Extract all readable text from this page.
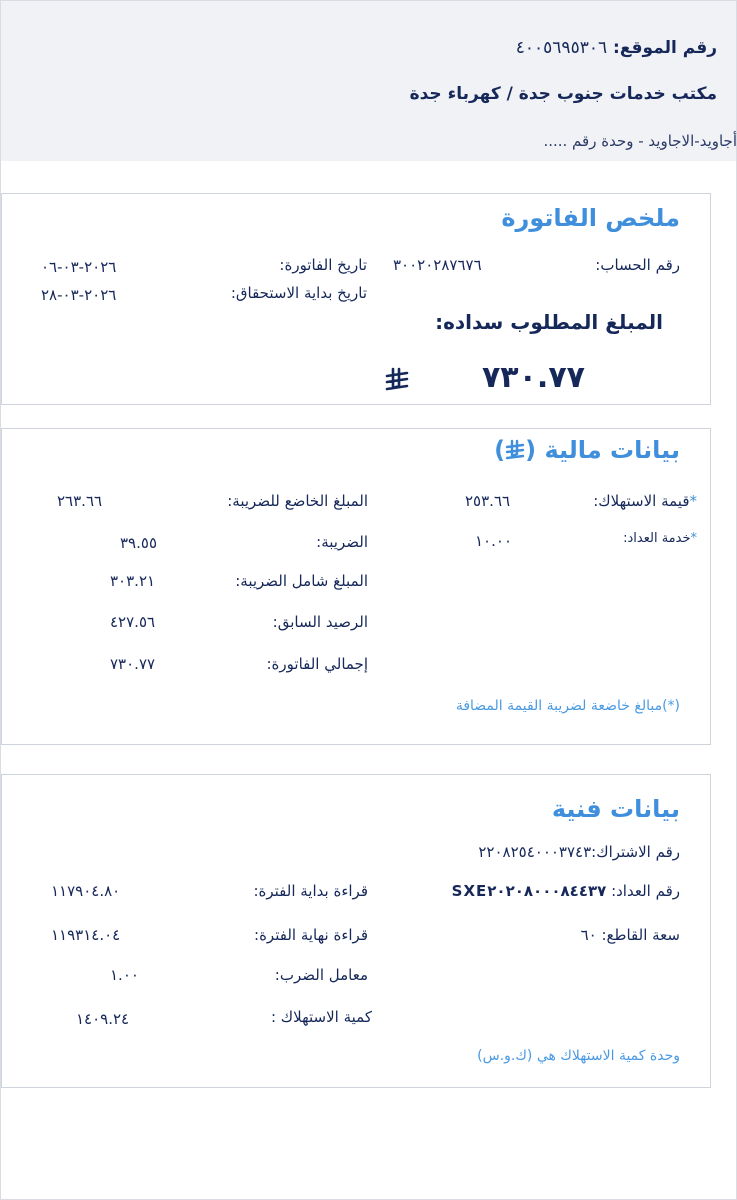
رقم الموقع: ٤٠٠٥٦٩٥٣٠٦
مكتب خدمات جنوب جدة / كهرباء جدة
أجاويد-الاجاويد - وحدة رقم .....
ملخص الفاتورة
رقم الحساب:
٣٠٠٢٠٢٨٧٦٧٦
تاريخ الفاتورة:
٢٠٢٦-٠٣-٠٦
تاريخ بداية الاستحقاق:
٢٠٢٦-٠٣-٢٨
المبلغ المطلوب سداده:
٧٣٠.٧٧
بيانات مالية ()
*قيمة الاستهلاك:
٢٥٣.٦٦
*خدمة العداد:
١٠.٠٠
المبلغ الخاضع للضريبة:
٢٦٣.٦٦
الضريبة:
٣٩.٥٥
المبلغ شامل الضريبة:
٣٠٣.٢١
الرصيد السابق:
٤٢٧.٥٦
إجمالي الفاتورة:
٧٣٠.٧٧
(*)مبالغ خاضعة لضريبة القيمة المضافة
بيانات فنية
رقم الاشتراك:٢٢٠٨٢٥٤٠٠٠٣٧٤٣
رقم العداد: SXE٢٠٢٠٨٠٠٠٨٤٤٣٧
سعة القاطع: ٦٠
قراءة بداية الفترة:
١١٧٩٠٤.٨٠
قراءة نهاية الفترة:
١١٩٣١٤.٠٤
معامل الضرب:
١.٠٠
كمية الاستهلاك :
١٤٠٩.٢٤
وحدة كمية الاستهلاك هي (ك.و.س)
